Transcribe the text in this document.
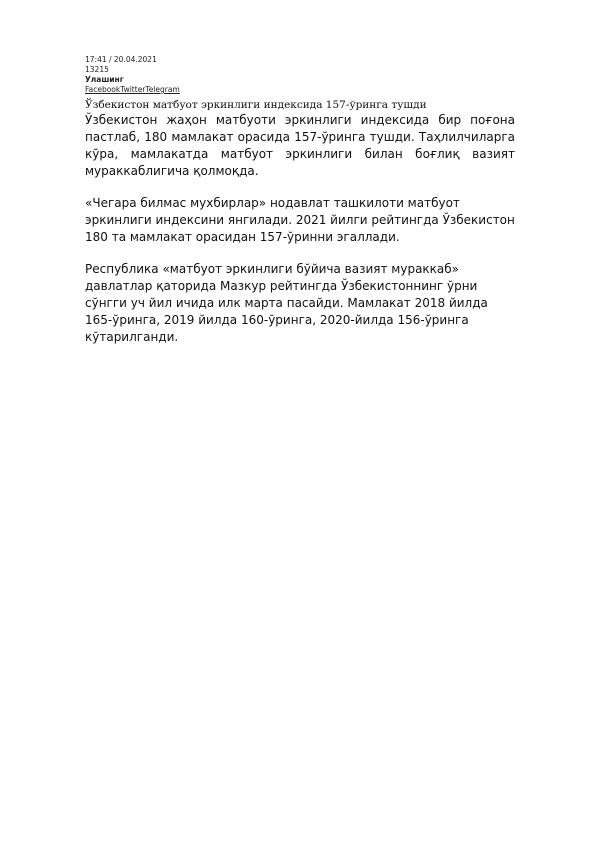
17:41 / 20.04.2021
13215
Улашинг
Facebook Twitter Telegram
Ўзбекистон матбуот эркинлиги индексида 157-ўринга тушди

Ўзбекистон жаҳон матбуоти эркинлиги индексида бир поғона пастлаб, 180 мамлакат орасида 157-ўринга тушди. Таҳлилчиларга кўра, мамлакатда матбуот эркинлиги билан боғлиқ вазият мураккаблигича қолмоқда.

«Чегара билмас мухбирлар» нодавлат ташкилоти матбуот эркинлиги индексини янгилади. 2021 йилги рейтингда Ўзбекистон 180 та мамлакат орасидан 157-ўринни эгаллади.

Республика «матбуот эркинлиги бўйича вазият мураккаб» давлатлар қаторида Мазкур рейтингда Ўзбекистоннинг ўрни сўнгги уч йил ичида илк марта пасайди. Мамлакат 2018 йилда 165-ўринга, 2019 йилда 160-ўринга, 2020-йилда 156-ўринга кўтарилганди.
